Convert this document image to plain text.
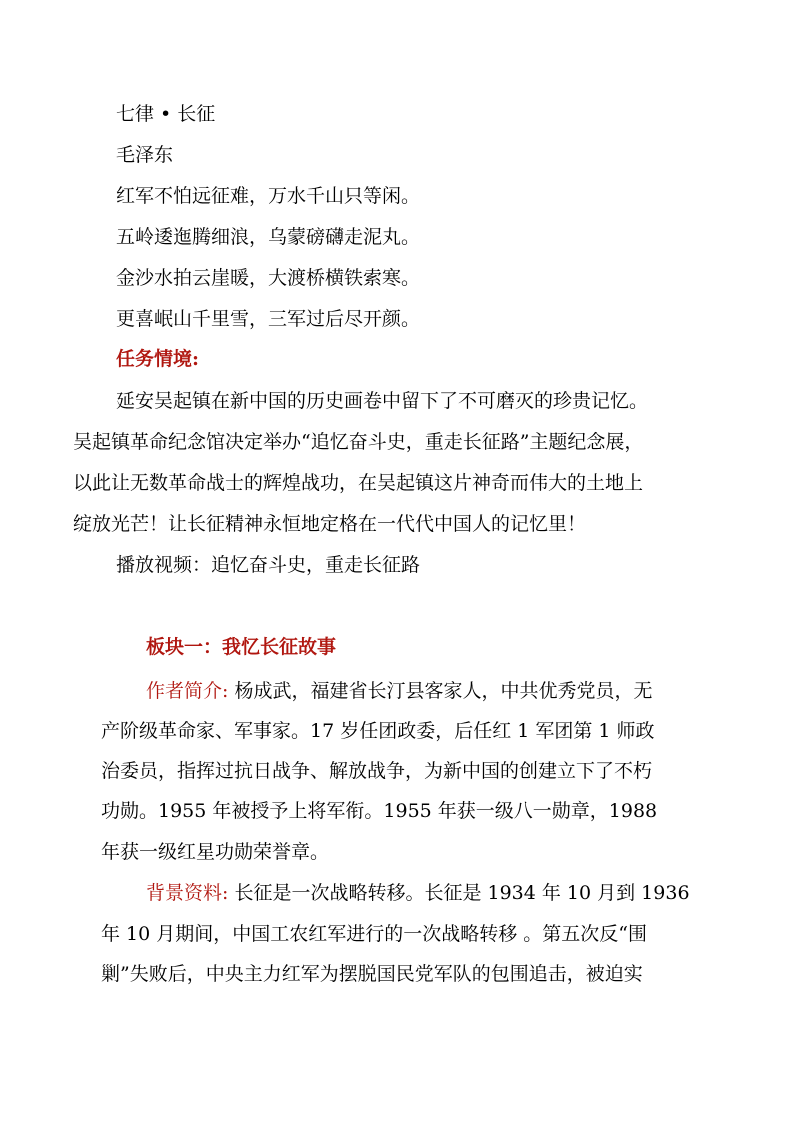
七律 • 长征
毛泽东
红军不怕远征难，万水千山只等闲。
五岭逶迤腾细浪，乌蒙磅礴走泥丸。
金沙水拍云崖暖，大渡桥横铁索寒。
更喜岷山千里雪，三军过后尽开颜。
任务情境:
延安吴起镇在新中国的历史画卷中留下了不可磨灭的珍贵记忆。
吴起镇革命纪念馆决定举办“追忆奋斗史，重走长征路”主题纪念展，
以此让无数革命战士的辉煌战功，在吴起镇这片神奇而伟大的土地上
绽放光芒！让长征精神永恒地定格在一代代中国人的记忆里！
播放视频：追忆奋斗史，重走长征路
板块一：我忆长征故事
作者简介: 杨成武，福建省长汀县客家人，中共优秀党员，无
产阶级革命家、军事家。17 岁任团政委，后任红 1 军团第 1 师政
治委员，指挥过抗日战争、解放战争，为新中国的创建立下了不朽
功勋。1955 年被授予上将军衔。1955 年获一级八一勋章，1988
年获一级红星功勋荣誉章。
背景资料: 长征是一次战略转移。长征是 1934 年 10 月到 1936
年 10 月期间，中国工农红军进行的一次战略转移 。第五次反“围
剿”失败后，中央主力红军为摆脱国民党军队的包围追击，被迫实
